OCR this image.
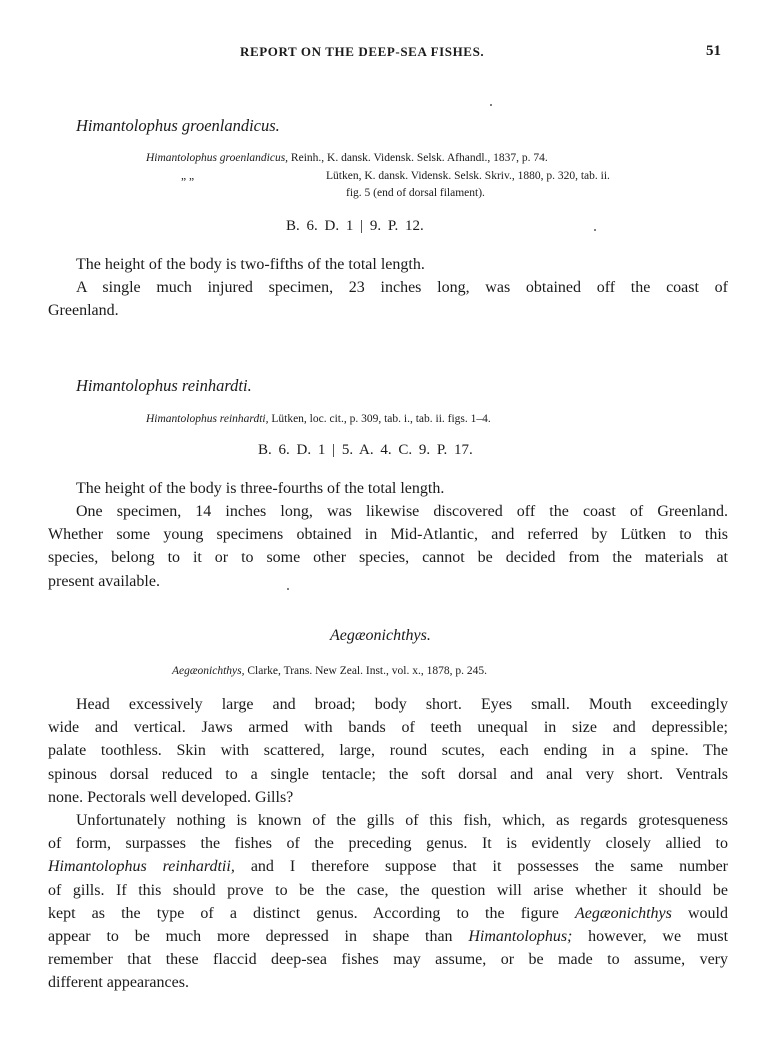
REPORT ON THE DEEP-SEA FISHES.	51
Himantolophus groenlandicus.
Himantolophus groenlandicus, Reinh., K. dansk. Vidensk. Selsk. Afhandl., 1837, p. 74.
„ „	Lütken, K. dansk. Vidensk. Selsk. Skriv., 1880, p. 320, tab. ii.
fig. 5 (end of dorsal filament).
B. 6. D. 1 | 9. P. 12.
The height of the body is two-fifths of the total length.
A single much injured specimen, 23 inches long, was obtained off the coast of
Greenland.
Himantolophus reinhardti.
Himantolophus reinhardti, Lütken, loc. cit., p. 309, tab. i., tab. ii. figs. 1–4.
B. 6. D. 1 | 5. A. 4. C. 9. P. 17.
The height of the body is three-fourths of the total length.
One specimen, 14 inches long, was likewise discovered off the coast of Greenland.
Whether some young specimens obtained in Mid-Atlantic, and referred by Lütken to this
species, belong to it or to some other species, cannot be decided from the materials at
present available.
Aegæonichthys.
Aegæonichthys, Clarke, Trans. New Zeal. Inst., vol. x., 1878, p. 245.
Head excessively large and broad; body short. Eyes small. Mouth exceedingly
wide and vertical. Jaws armed with bands of teeth unequal in size and depressible;
palate toothless. Skin with scattered, large, round scutes, each ending in a spine. The
spinous dorsal reduced to a single tentacle; the soft dorsal and anal very short. Ventrals
none. Pectorals well developed. Gills?
Unfortunately nothing is known of the gills of this fish, which, as regards grotesqueness
of form, surpasses the fishes of the preceding genus. It is evidently closely allied to
Himantolophus reinhardtii, and I therefore suppose that it possesses the same number
of gills. If this should prove to be the case, the question will arise whether it should be
kept as the type of a distinct genus. According to the figure Aegæonichthys would
appear to be much more depressed in shape than Himantolophus; however, we must
remember that these flaccid deep-sea fishes may assume, or be made to assume, very
different appearances.
